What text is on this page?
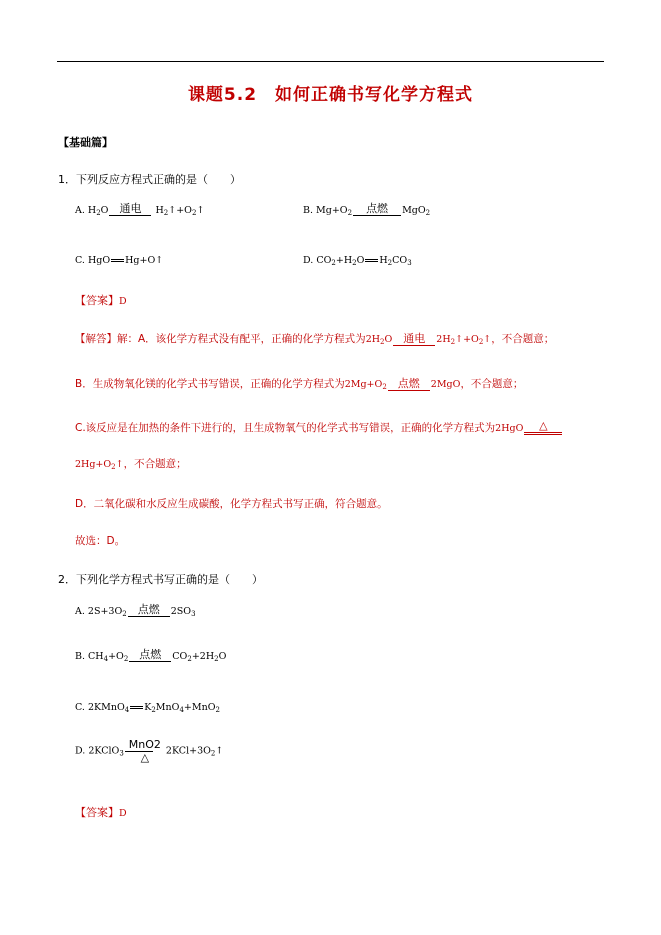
课题5.2　如何正确书写化学方程式
【基础篇】
1．下列反应方程式正确的是（　　）
A. $H_2O$	通电	$H_2↑+O_2↑$	B. $Mg+O_2$	点燃	MgO$_2$
C. HgO Hg+O↑	D. $CO_2+H_2O$ $H_2CO_3$
【答案】D
【解答】解：A．该化学方程式没有配平，正确的化学方程式为$2H_2O$	通电	$2H_2↑+O_2↑$，不合题意；
B．生成物氧化镁的化学式书写错误，正确的化学方程式为$2Mg+O_2$	点燃	2MgO，不合题意；
C.该反应是在加热的条件下进行的，且生成物氧气的化学式书写错误，正确的化学方程式为2HgO	△
$2Hg+O_2↑$，不合题意；
D．二氧化碳和水反应生成碳酸，化学方程式书写正确，符合题意。
故选：D。
2．下列化学方程式书写正确的是（　　）
A. $2S+3O_2$	点燃	$2SO_3$
B. $CH_4+O_2$	点燃	$CO_2+2H_2O$
C. 2KMnO$_4$ $K_2MnO_4+MnO_2$
D. 2KClO$_3$
MnO2
△	$2KCl+3O_2↑$
【答案】D
